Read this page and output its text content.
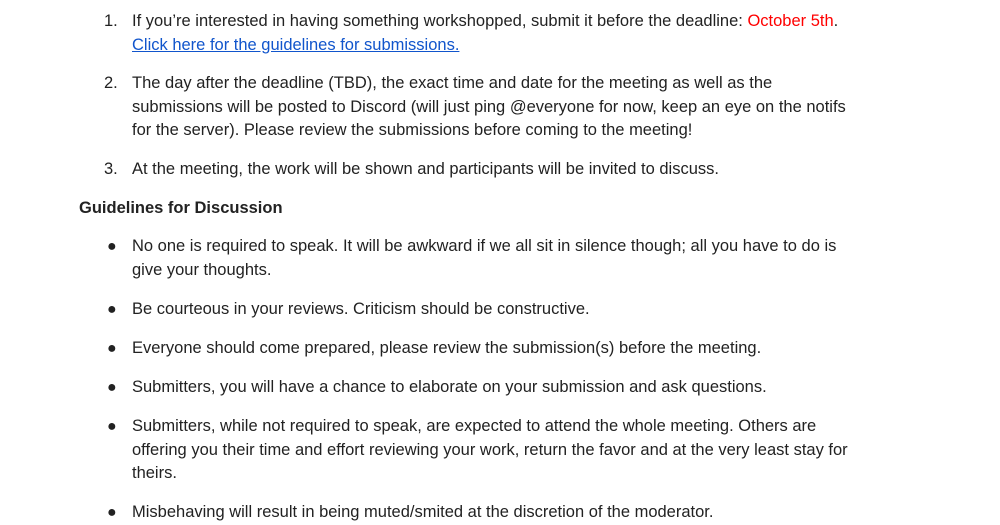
1. If you’re interested in having something workshopped, submit it before the deadline: October 5th.
Click here for the guidelines for submissions.
2. The day after the deadline (TBD), the exact time and date for the meeting as well as the
submissions will be posted to Discord (will just ping @everyone for now, keep an eye on the notifs
for the server). Please review the submissions before coming to the meeting!
3. At the meeting, the work will be shown and participants will be invited to discuss.
Guidelines for Discussion
● No one is required to speak. It will be awkward if we all sit in silence though; all you have to do is
give your thoughts.
● Be courteous in your reviews. Criticism should be constructive.
● Everyone should come prepared, please review the submission(s) before the meeting.
● Submitters, you will have a chance to elaborate on your submission and ask questions.
● Submitters, while not required to speak, are expected to attend the whole meeting. Others are
offering you their time and effort reviewing your work, return the favor and at the very least stay for
theirs.
● Misbehaving will result in being muted/smited at the discretion of the moderator.
